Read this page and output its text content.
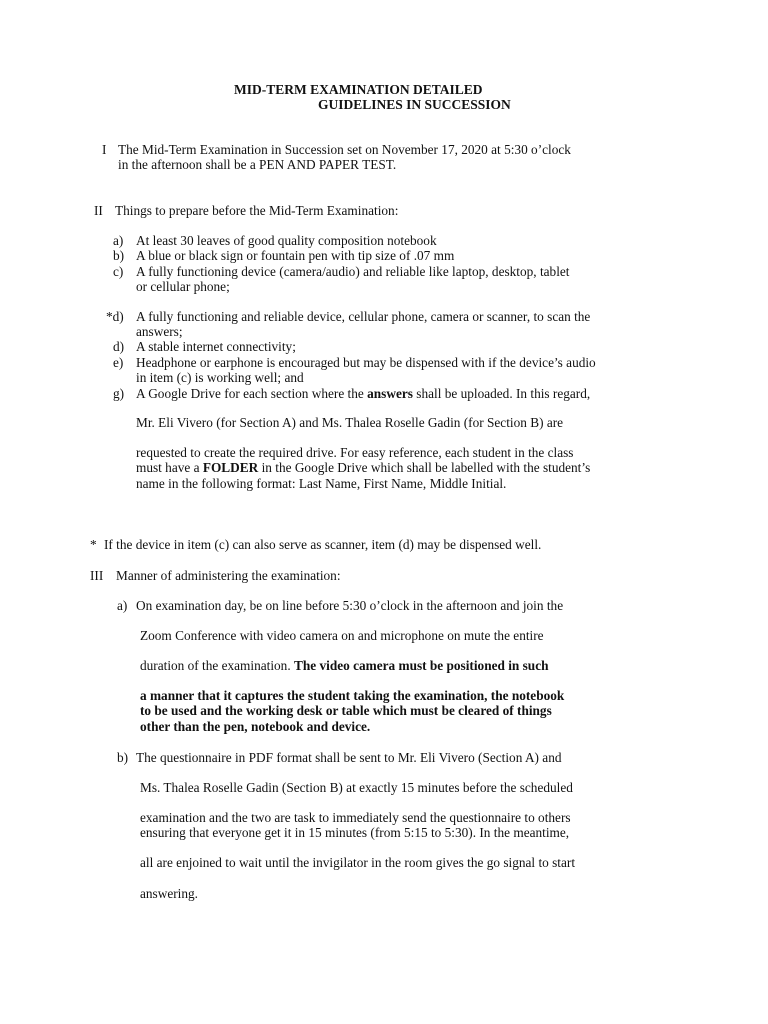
MID-TERM EXAMINATION DETAILED
GUIDELINES IN SUCCESSION
I The Mid-Term Examination in Succession set on November 17, 2020 at 5:30 o’clock
in the afternoon shall be a PEN AND PAPER TEST.
II Things to prepare before the Mid-Term Examination:
a) At least 30 leaves of good quality composition notebook
b) A blue or black sign or fountain pen with tip size of .07 mm
c) A fully functioning device (camera/audio) and reliable like laptop, desktop, tablet
or cellular phone;
*d) A fully functioning and reliable device, cellular phone, camera or scanner, to scan the
answers;
d) A stable internet connectivity;
e) Headphone or earphone is encouraged but may be dispensed with if the device’s audio
in item (c) is working well; and
g) A Google Drive for each section where the answers shall be uploaded. In this regard,
Mr. Eli Vivero (for Section A) and Ms. Thalea Roselle Gadin (for Section B) are
requested to create the required drive. For easy reference, each student in the class
must have a FOLDER in the Google Drive which shall be labelled with the student’s
name in the following format: Last Name, First Name, Middle Initial.
* If the device in item (c) can also serve as scanner, item (d) may be dispensed well.
III Manner of administering the examination:
a) On examination day, be on line before 5:30 o’clock in the afternoon and join the
Zoom Conference with video camera on and microphone on mute the entire
duration of the examination. The video camera must be positioned in such
a manner that it captures the student taking the examination, the notebook
to be used and the working desk or table which must be cleared of things
other than the pen, notebook and device.
b) The questionnaire in PDF format shall be sent to Mr. Eli Vivero (Section A) and
Ms. Thalea Roselle Gadin (Section B) at exactly 15 minutes before the scheduled
examination and the two are task to immediately send the questionnaire to others
ensuring that everyone get it in 15 minutes (from 5:15 to 5:30). In the meantime,
all are enjoined to wait until the invigilator in the room gives the go signal to start
answering.
